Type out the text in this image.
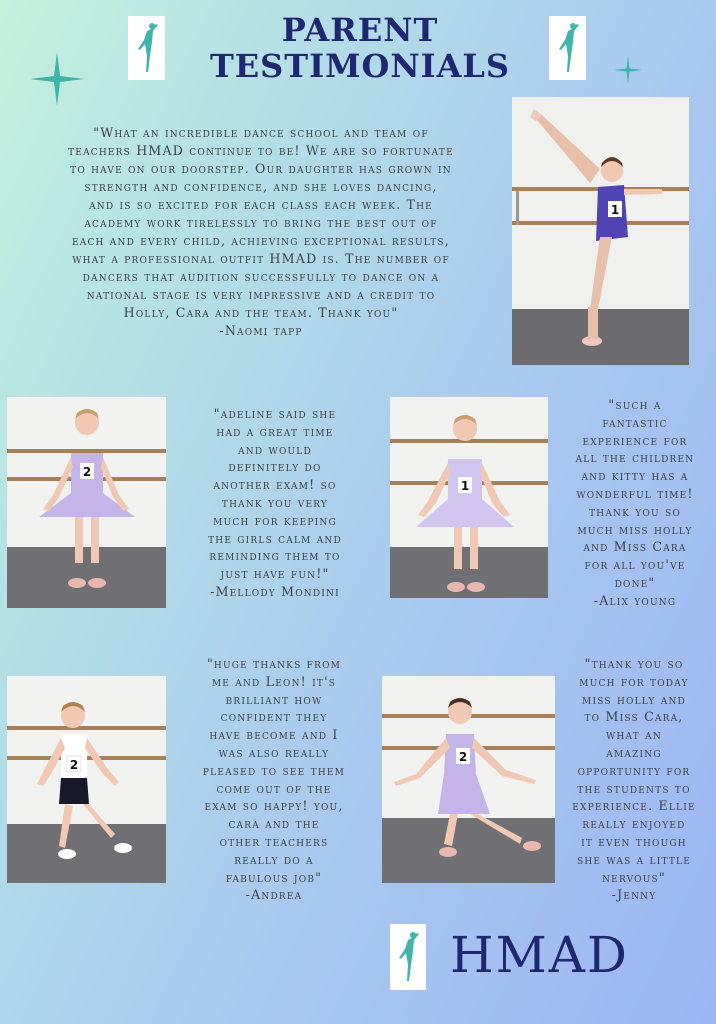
PARENT
TESTIMONIALS
"What an incredible dance school and team of
teachers HMAD continue to be! We are so fortunate
to have on our doorstep. Our daughter has grown in
strength and confidence, and she loves dancing,
and is so excited for each class each week. The
academy work tirelessly to bring the best out of
each and every child, achieving exceptional results,
what a professional outfit HMAD is. The number of
dancers that audition successfully to dance on a
national stage is very impressive and a credit to
Holly, Cara and the team. Thank you"
-Naomi tapp
1
2
"adeline said she
had a great time
and would
definitely do
another exam! so
thank you very
much for keeping
the girls calm and
reminding them to
just have fun!"
-Mellody Mondini
1
"such a
fantastic
experience for
all the children
and kitty has a
wonderful time!
thank you so
much miss holly
and Miss Cara
for all you've
done"
-Alix young
2
"huge thanks from
me and Leon! it's
brilliant how
confident they
have become and I
was also really
pleased to see them
come out of the
exam so happy! you,
cara and the
other teachers
really do a
fabulous job"
-Andrea
2
"thank you so
much for today
miss holly and
to Miss Cara,
what an
amazing
opportunity for
the students to
experience. Ellie
really enjoyed
it even though
she was a little
nervous"
-Jenny
HMAD
